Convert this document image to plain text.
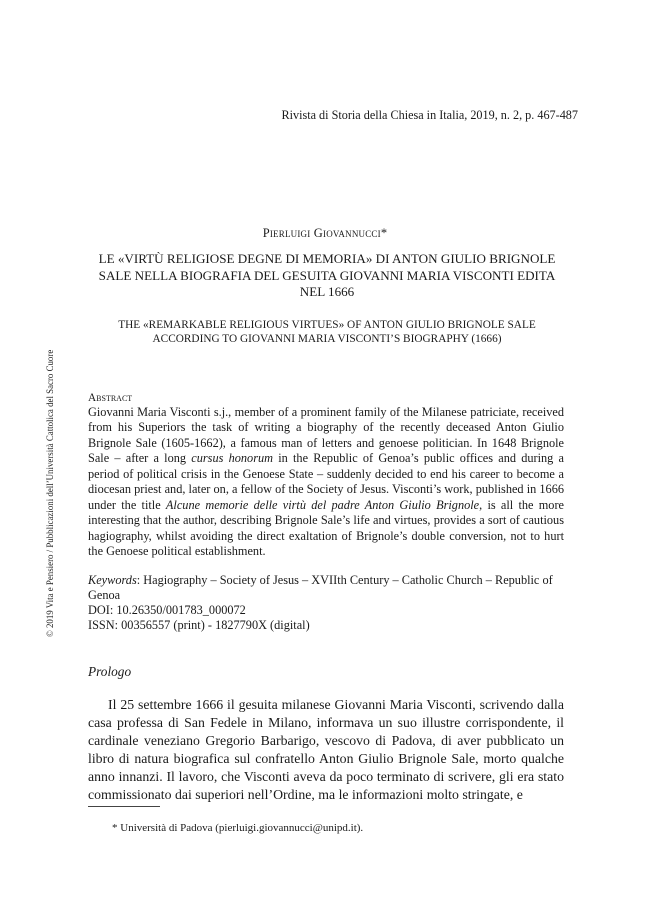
Rivista di Storia della Chiesa in Italia, 2019, n. 2, p. 467-487
Pierluigi Giovannucci*
LE «VIRTÙ RELIGIOSE DEGNE DI MEMORIA» DI ANTON GIULIO BRIGNOLE SALE NELLA BIOGRAFIA DEL GESUITA GIOVANNI MARIA VISCONTI EDITA NEL 1666
THE «REMARKABLE RELIGIOUS VIRTUES» OF ANTON GIULIO BRIGNOLE SALE ACCORDING TO GIOVANNI MARIA VISCONTI’S BIOGRAPHY (1666)
Abstract
Giovanni Maria Visconti s.j., member of a prominent family of the Milanese patriciate, received from his Superiors the task of writing a biography of the recently deceased Anton Giulio Brignole Sale (1605-1662), a famous man of letters and genoese politician. In 1648 Brignole Sale – after a long cursus honorum in the Republic of Genoa’s public offices and during a period of political crisis in the Genoese State – suddenly decided to end his career to become a diocesan priest and, later on, a fellow of the Society of Jesus. Visconti’s work, published in 1666 under the title Alcune memorie delle virtù del padre Anton Giulio Brignole, is all the more interesting that the author, describing Brignole Sale’s life and virtues, provides a sort of cautious hagiography, whilst avoiding the direct exaltation of Brignole’s double conversion, not to hurt the Genoese political establishment.
Keywords: Hagiography – Society of Jesus – XVIIth Century – Catholic Church – Republic of Genoa
DOI: 10.26350/001783_000072
ISSN: 00356557 (print) - 1827790X (digital)
Prologo
Il 25 settembre 1666 il gesuita milanese Giovanni Maria Visconti, scrivendo dalla casa professa di San Fedele in Milano, informava un suo illustre corrispondente, il cardinale veneziano Gregorio Barbarigo, vescovo di Padova, di aver pubblicato un libro di natura biografica sul confratello Anton Giulio Brignole Sale, morto qualche anno innanzi. Il lavoro, che Visconti aveva da poco terminato di scrivere, gli era stato commissionato dai superiori nell’Ordine, ma le informazioni molto stringate, e
* Università di Padova (pierluigi.giovannucci@unipd.it).
© 2019 Vita e Pensiero / Pubblicazioni dell’Università Cattolica del Sacro Cuore
